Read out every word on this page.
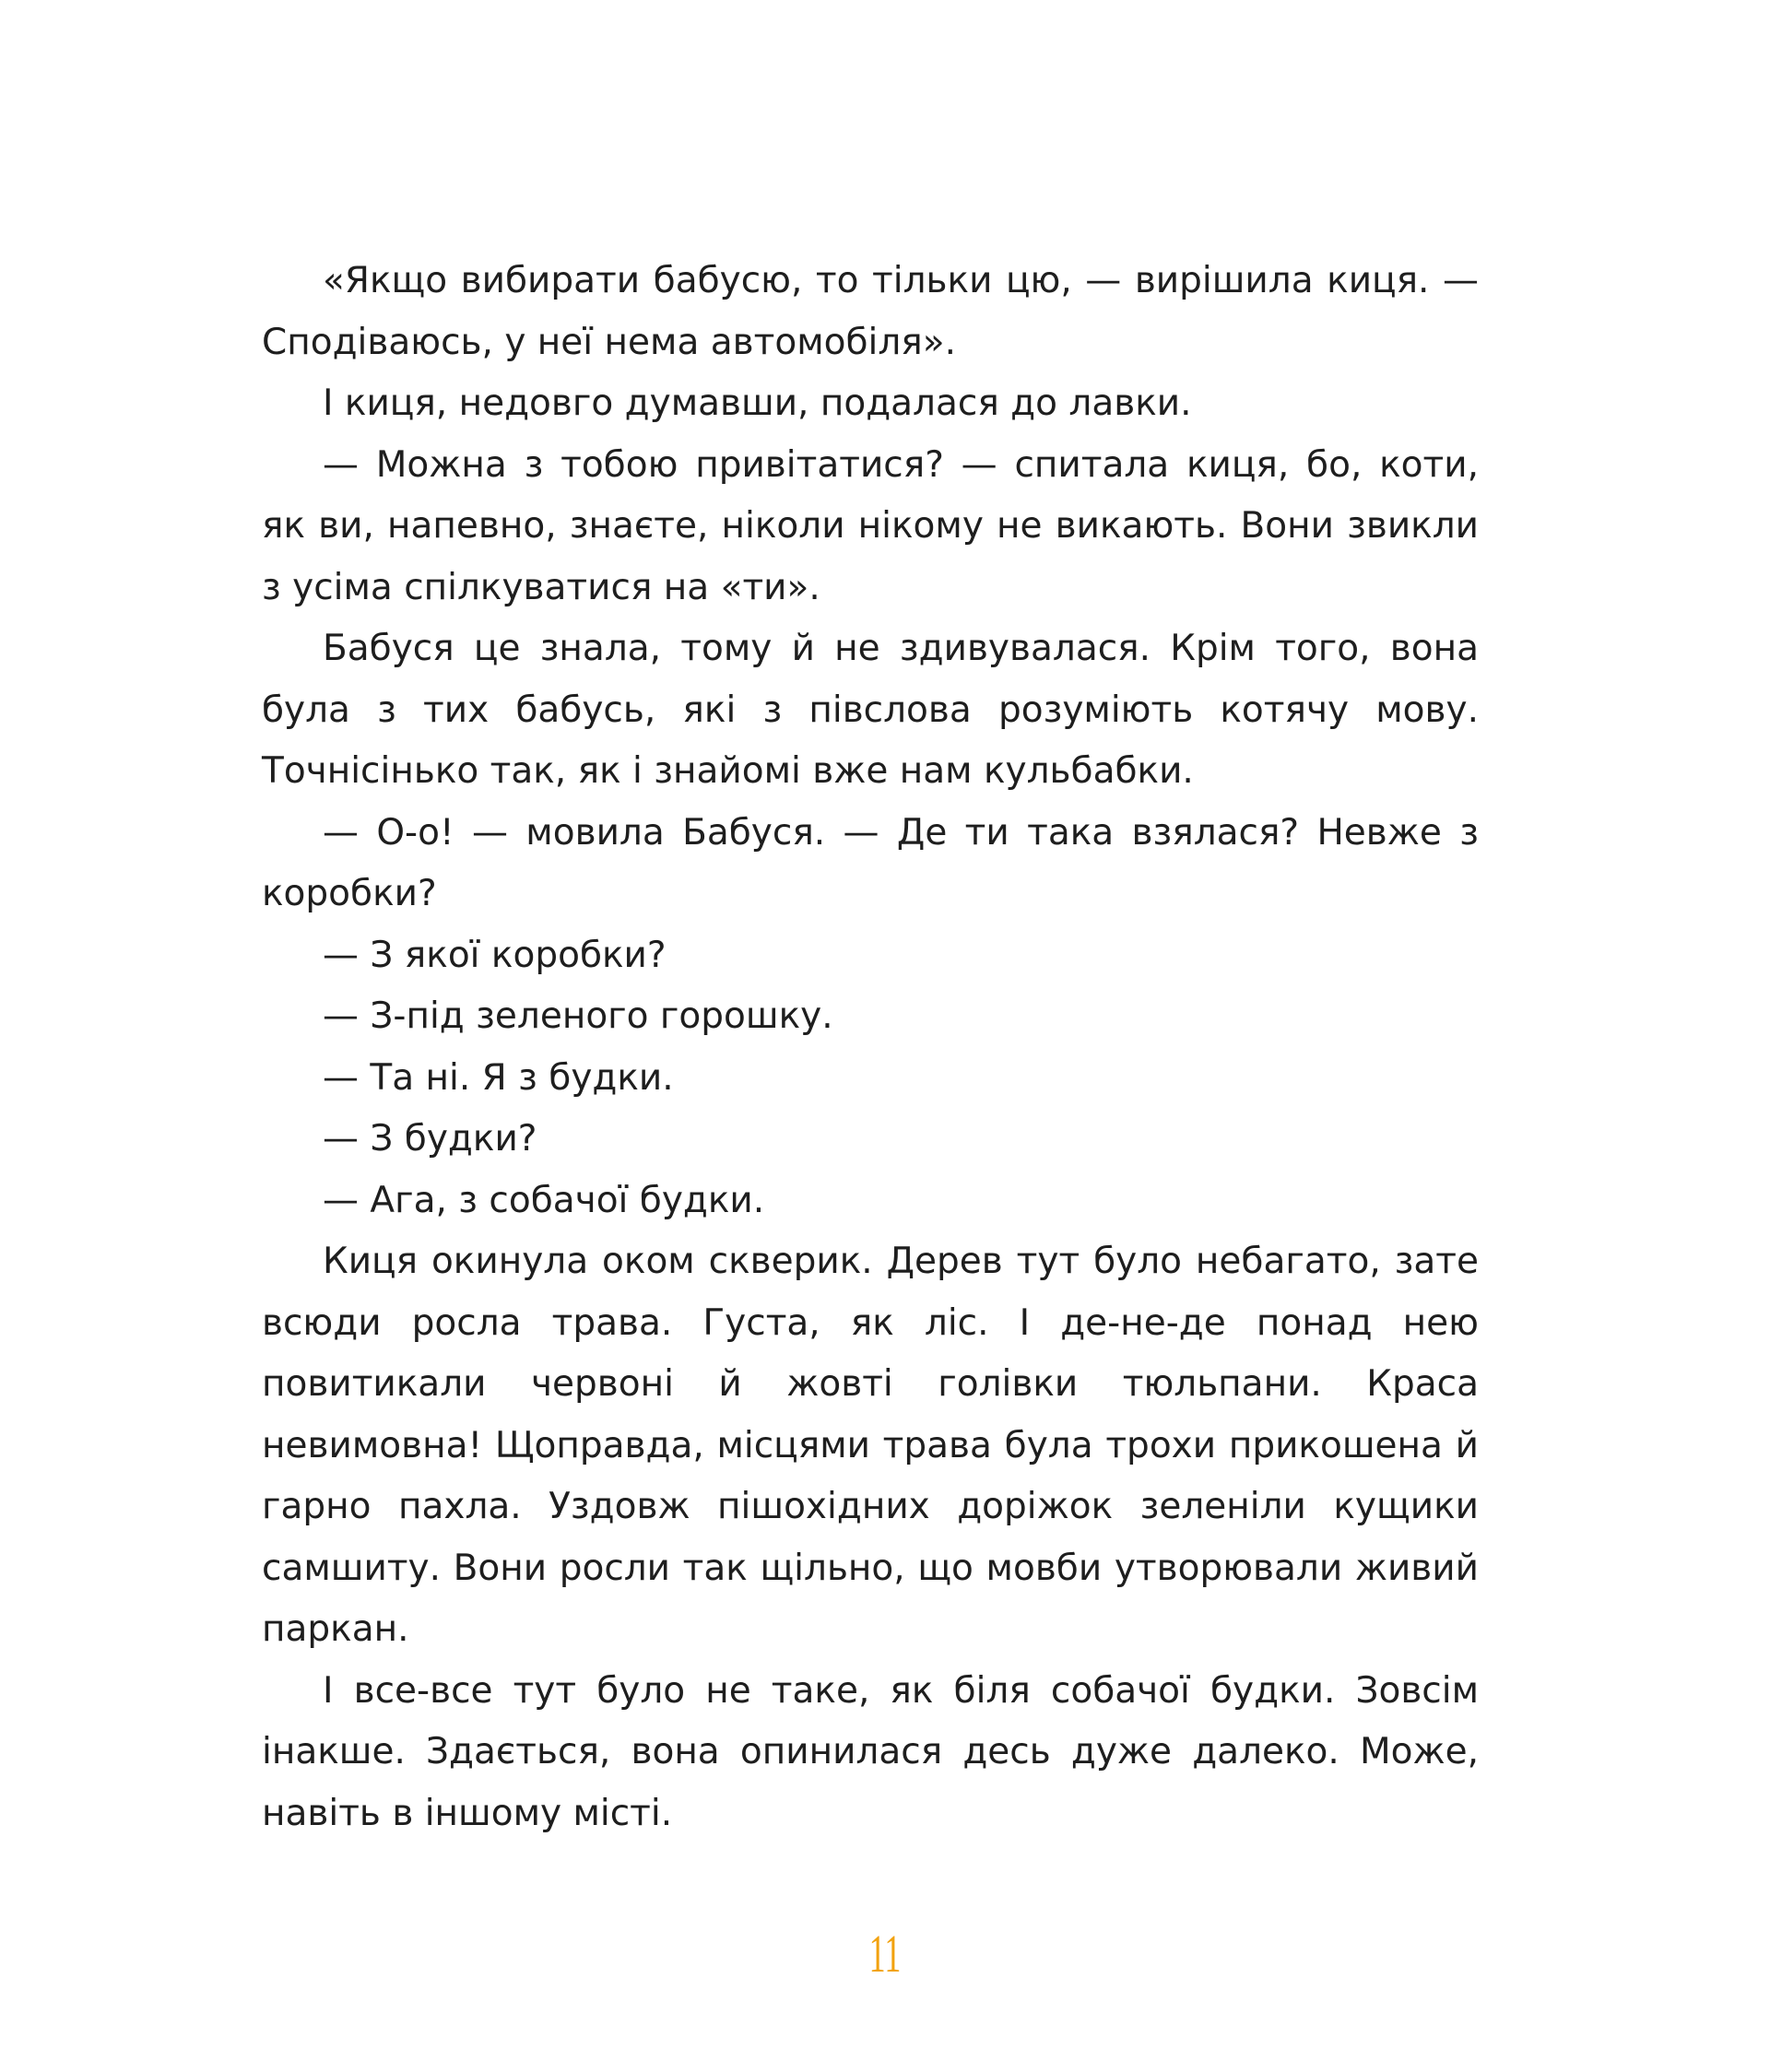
«Якщо вибирати бабусю, то тільки цю, — вирішила киця. — Сподіваюсь, у неї нема автомобіля».

І киця, недовго думавши, подалася до лавки.

— Можна з тобою привітатися? — спитала киця, бо, коти, як ви, напевно, знаєте, ніколи нікому не викають. Вони звикли з усіма спілкуватися на «ти».

Бабуся це знала, тому й не здивувалася. Крім того, вона була з тих бабусь, які з півслова розуміють котячу мову. Точнісінько так, як і знайомі вже нам кульбабки.

— О-о! — мовила Бабуся. — Де ти така взялася? Невже з коробки?

— З якої коробки?

— З-під зеленого горошку.

— Та ні. Я з будки.

— З будки?

— Ага, з собачої будки.

Киця окинула оком скверик. Дерев тут було небагато, зате всюди росла трава. Густа, як ліс. І де-не-де понад нею повитикали червоні й жовті голівки тюльпани. Краса невимовна! Щоправда, місцями трава була трохи прикошена й гарно пахла. Уздовж пішохідних доріжок зеленіли кущики самшиту. Вони росли так щільно, що мовби утворювали живий паркан.

І все-все тут було не таке, як біля собачої будки. Зовсім інакше. Здається, вона опинилася десь дуже далеко. Може, навіть в іншому місті.

11
